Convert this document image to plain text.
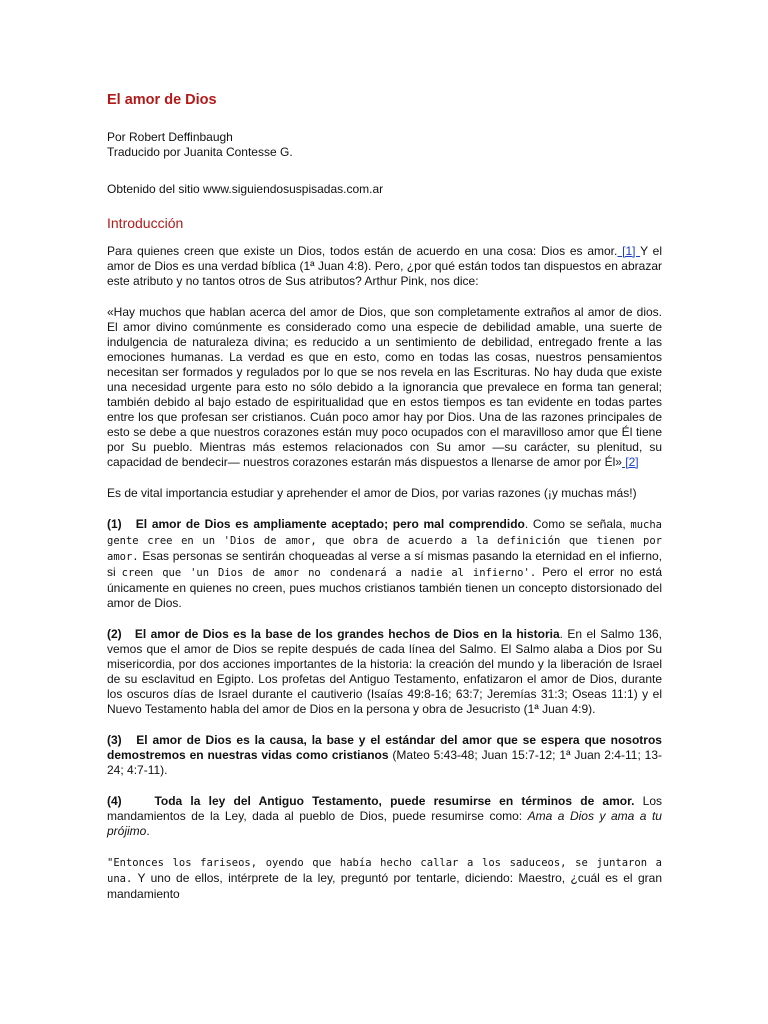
El amor de Dios

Por Robert Deffinbaugh

Traducido por Juanita Contesse G.

Obtenido del sitio www.siguiendosuspisadas.com.ar

Introducción

Para quienes creen que existe un Dios, todos están de acuerdo en una cosa: Dios es amor. [1] Y el amor de Dios es una verdad bíblica (1ª Juan 4:8). Pero, ¿por qué están todos tan dispuestos en abrazar este atributo y no tantos otros de Sus atributos? Arthur Pink, nos dice:

«Hay muchos que hablan acerca del amor de Dios, que son completamente extraños al amor de dios. El amor divino comúnmente es considerado como una especie de debilidad amable, una suerte de indulgencia de naturaleza divina; es reducido a un sentimiento de debilidad, entregado frente a las emociones humanas. La verdad es que en esto, como en todas las cosas, nuestros pensamientos necesitan ser formados y regulados por lo que se nos revela en las Escrituras. No hay duda que existe una necesidad urgente para esto no sólo debido a la ignorancia que prevalece en forma tan general; también debido al bajo estado de espiritualidad que en estos tiempos es tan evidente en todas partes entre los que profesan ser cristianos. Cuán poco amor hay por Dios. Una de las razones principales de esto se debe a que nuestros corazones están muy poco ocupados con el maravilloso amor que Él tiene por Su pueblo. Mientras más estemos relacionados con Su amor —su carácter, su plenitud, su capacidad de bendecir— nuestros corazones estarán más dispuestos a llenarse de amor por Él» [2]

Es de vital importancia estudiar y aprehender el amor de Dios, por varias razones (¡y muchas más!)

(1) El amor de Dios es ampliamente aceptado; pero mal comprendido. Como se señala, mucha gente cree en un 'Dios de amor, que obra de acuerdo a la definición que tienen por amor. Esas personas se sentirán choqueadas al verse a sí mismas pasando la eternidad en el infierno, si creen que 'un Dios de amor no condenará a nadie al infierno'. Pero el error no está únicamente en quienes no creen, pues muchos cristianos también tienen un concepto distorsionado del amor de Dios.

(2) El amor de Dios es la base de los grandes hechos de Dios en la historia. En el Salmo 136, vemos que el amor de Dios se repite después de cada línea del Salmo. El Salmo alaba a Dios por Su misericordia, por dos acciones importantes de la historia: la creación del mundo y la liberación de Israel de su esclavitud en Egipto. Los profetas del Antiguo Testamento, enfatizaron el amor de Dios, durante los oscuros días de Israel durante el cautiverio (Isaías 49:8-16; 63:7; Jeremías 31:3; Oseas 11:1) y el Nuevo Testamento habla del amor de Dios en la persona y obra de Jesucristo (1ª Juan 4:9).

(3) El amor de Dios es la causa, la base y el estándar del amor que se espera que nosotros demostremos en nuestras vidas como cristianos (Mateo 5:43-48; Juan 15:7-12; 1ª Juan 2:4-11; 13-24; 4:7-11).

(4)	Toda la ley del Antiguo Testamento, puede resumirse en términos de amor. Los mandamientos de la Ley, dada al pueblo de Dios, puede resumirse como: Ama a Dios y ama a tu prójimo.

"Entonces los fariseos, oyendo que había hecho callar a los saduceos, se juntaron a una. Y uno de ellos, intérprete de la ley, preguntó por tentarle, diciendo: Maestro, ¿cuál es el gran mandamiento
